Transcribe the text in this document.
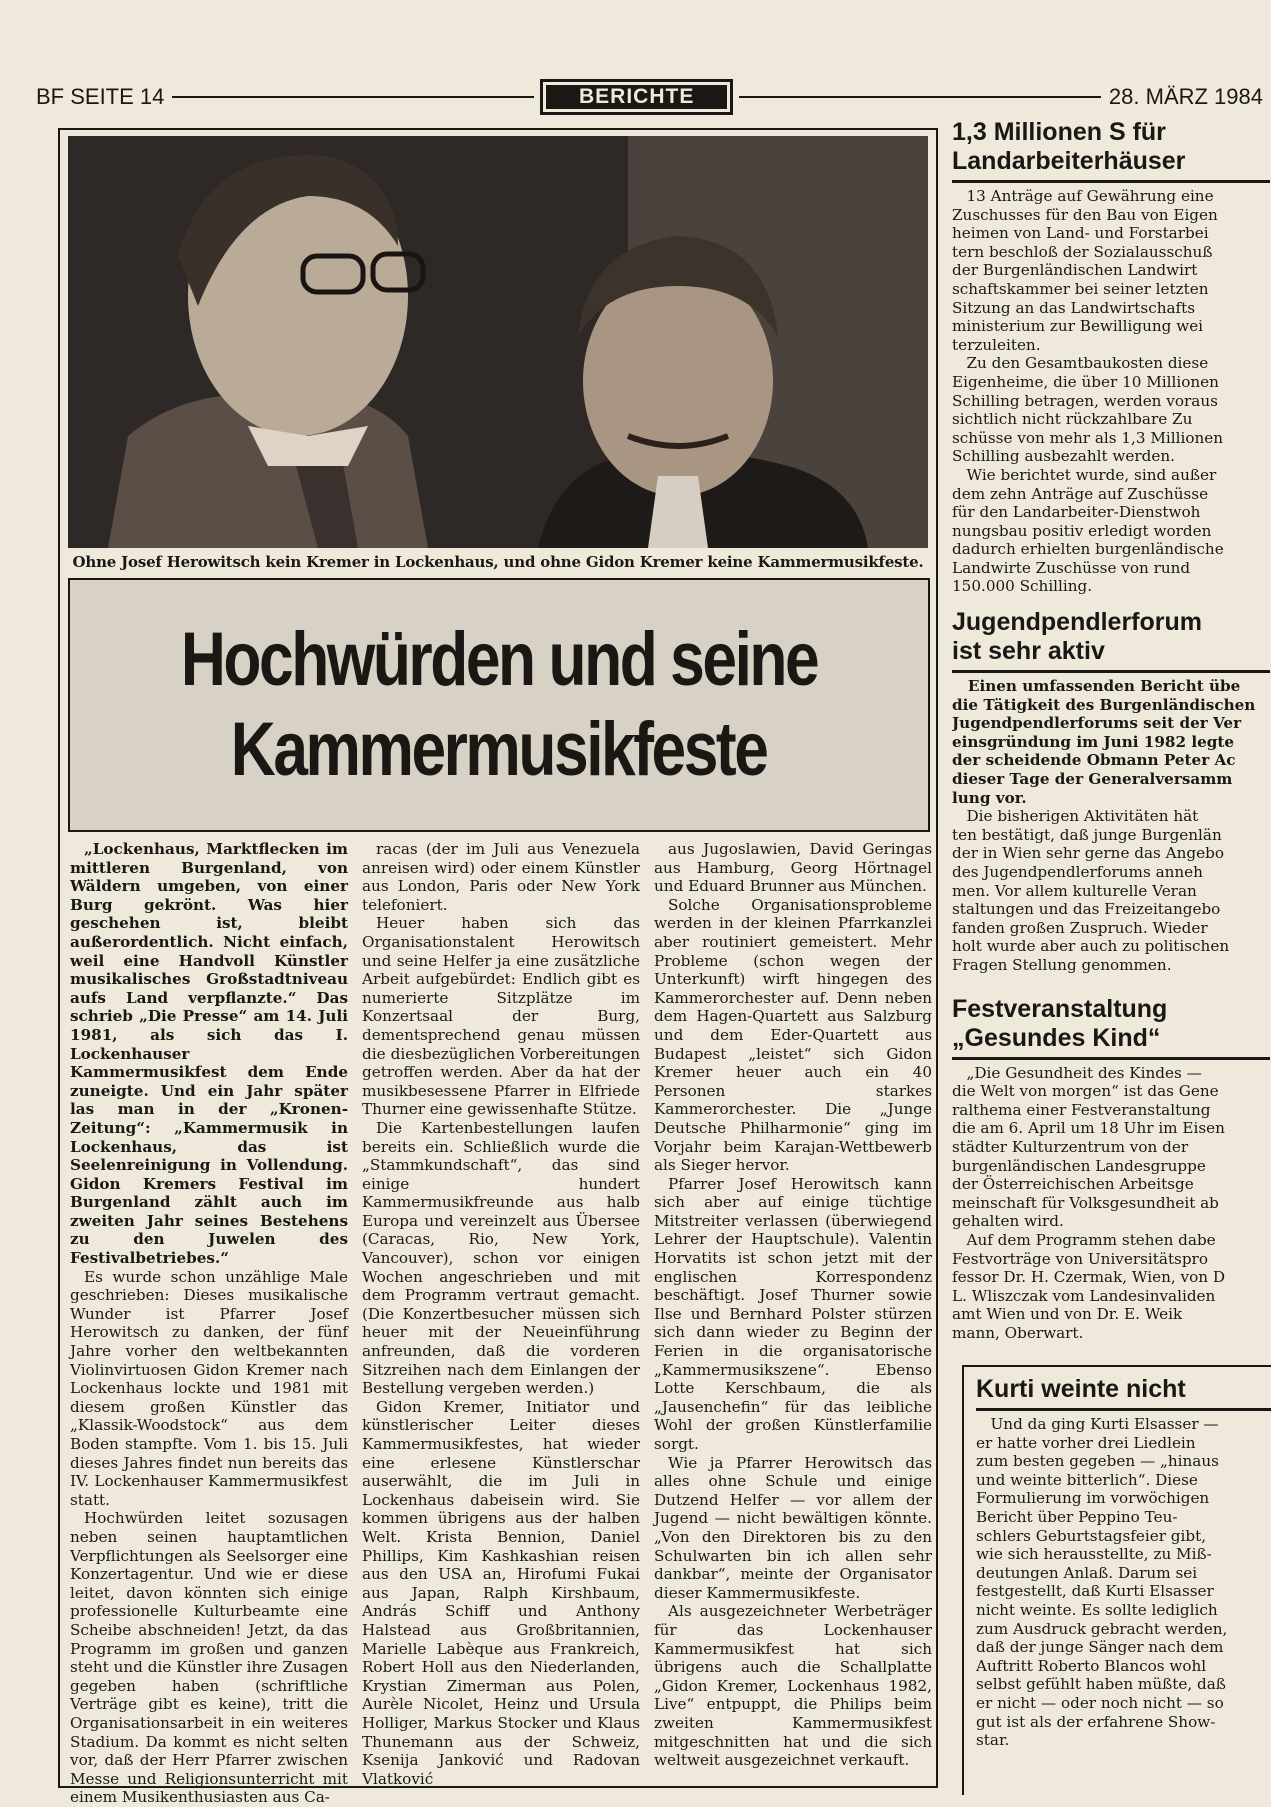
BF SEITE 14	BERICHTE	28. MÄRZ 1984
Ohne Josef Herowitsch kein Kremer in Lockenhaus, und ohne Gidon Kremer keine Kammermusikfeste.
Hochwürden und seine
Kammermusikfeste

„Lockenhaus, Marktflecken im mittleren Burgenland, von Wäldern umgeben, von einer Burg gekrönt. Was hier geschehen ist, bleibt außerordentlich. Nicht einfach, weil eine Handvoll Künstler musikalisches Großstadtniveau aufs Land verpflanzte.“ Das schrieb „Die Presse“ am 14. Juli 1981, als sich das I. Lockenhauser Kammermusikfest dem Ende zuneigte. Und ein Jahr später las man in der „Kronen-Zeitung“: „Kammermusik in Lockenhaus, das ist Seelenreinigung in Vollendung. Gidon Kremers Festival im Burgenland zählt auch im zweiten Jahr seines Bestehens zu den Juwelen des Festivalbetriebes.“

Es wurde schon unzählige Male geschrieben: Dieses musikalische Wunder ist Pfarrer Josef Herowitsch zu danken, der fünf Jahre vorher den weltbekannten Violinvirtuosen Gidon Kremer nach Lockenhaus lockte und 1981 mit diesem großen Künstler das „Klassik-Woodstock“ aus dem Boden stampfte. Vom 1. bis 15. Juli dieses Jahres findet nun bereits das IV. Lockenhauser Kammermusikfest statt.

Hochwürden leitet sozusagen neben seinen hauptamtlichen Verpflichtungen als Seelsorger eine Konzertagentur. Und wie er diese leitet, davon könnten sich einige professionelle Kulturbeamte eine Scheibe abschneiden! Jetzt, da das Programm im großen und ganzen steht und die Künstler ihre Zusagen gegeben haben (schriftliche Verträge gibt es keine), tritt die Organisationsarbeit in ein weiteres Stadium. Da kommt es nicht selten vor, daß der Herr Pfarrer zwischen Messe und Religionsunterricht mit einem Musikenthusiasten aus Ca-

racas (der im Juli aus Venezuela anreisen wird) oder einem Künstler aus London, Paris oder New York telefoniert.

Heuer haben sich das Organisationstalent Herowitsch und seine Helfer ja eine zusätzliche Arbeit aufgebürdet: Endlich gibt es numerierte Sitzplätze im Konzertsaal der Burg, dementsprechend genau müssen die diesbezüglichen Vorbereitungen getroffen werden. Aber da hat der musikbesessene Pfarrer in Elfriede Thurner eine gewissenhafte Stütze.

Die Kartenbestellungen laufen bereits ein. Schließlich wurde die „Stammkundschaft“, das sind einige hundert Kammermusikfreunde aus halb Europa und vereinzelt aus Übersee (Caracas, Rio, New York, Vancouver), schon vor einigen Wochen angeschrieben und mit dem Programm vertraut gemacht. (Die Konzertbesucher müssen sich heuer mit der Neueinführung anfreunden, daß die vorderen Sitzreihen nach dem Einlangen der Bestellung vergeben werden.)

Gidon Kremer, Initiator und künstlerischer Leiter dieses Kammermusikfestes, hat wieder eine erlesene Künstlerschar auserwählt, die im Juli in Lockenhaus dabeisein wird. Sie kommen übrigens aus der halben Welt. Krista Bennion, Daniel Phillips, Kim Kashkashian reisen aus den USA an, Hirofumi Fukai aus Japan, Ralph Kirshbaum, András Schiff und Anthony Halstead aus Großbritannien, Marielle Labèque aus Frankreich, Robert Holl aus den Niederlanden, Krystian Zimerman aus Polen, Aurèle Nicolet, Heinz und Ursula Holliger, Markus Stocker und Klaus Thunemann aus der Schweiz, Ksenija Janković und Radovan Vlatković

aus Jugoslawien, David Geringas aus Hamburg, Georg Hörtnagel und Eduard Brunner aus München.

Solche Organisationsprobleme werden in der kleinen Pfarrkanzlei aber routiniert gemeistert. Mehr Probleme (schon wegen der Unterkunft) wirft hingegen des Kammerorchester auf. Denn neben dem Hagen-Quartett aus Salzburg und dem Eder-Quartett aus Budapest „leistet“ sich Gidon Kremer heuer auch ein 40 Personen starkes Kammerorchester. Die „Junge Deutsche Philharmonie“ ging im Vorjahr beim Karajan-Wettbewerb als Sieger hervor.

Pfarrer Josef Herowitsch kann sich aber auf einige tüchtige Mitstreiter verlassen (überwiegend Lehrer der Hauptschule). Valentin Horvatits ist schon jetzt mit der englischen Korrespondenz beschäftigt. Josef Thurner sowie Ilse und Bernhard Polster stürzen sich dann wieder zu Beginn der Ferien in die organisatorische „Kammermusikszene“. Ebenso Lotte Kerschbaum, die als „Jausenchefin“ für das leibliche Wohl der großen Künstlerfamilie sorgt.

Wie ja Pfarrer Herowitsch das alles ohne Schule und einige Dutzend Helfer — vor allem der Jugend — nicht bewältigen könnte. „Von den Direktoren bis zu den Schulwarten bin ich allen sehr dankbar“, meinte der Organisator dieser Kammermusikfeste.

Als ausgezeichneter Werbeträger für das Lockenhauser Kammermusikfest hat sich übrigens auch die Schallplatte „Gidon Kremer, Lockenhaus 1982, Live“ entpuppt, die Philips beim zweiten Kammermusikfest mitgeschnitten hat und die sich weltweit ausgezeichnet verkauft.

1,3 Millionen S für
Landarbeiterhäuser
13 Anträge auf Gewährung eine
Zuschusses für den Bau von Eigen
heimen von Land- und Forstarbei
tern beschloß der Sozialausschuß
der Burgenländischen Landwirt
schaftskammer bei seiner letzten
Sitzung an das Landwirtschafts
ministerium zur Bewilligung wei
terzuleiten.
Zu den Gesamtbaukosten diese
Eigenheime, die über 10 Millionen
Schilling betragen, werden voraus
sichtlich nicht rückzahlbare Zu
schüsse von mehr als 1,3 Millionen
Schilling ausbezahlt werden.
Wie berichtet wurde, sind außer
dem zehn Anträge auf Zuschüsse
für den Landarbeiter-Dienstwoh
nungsbau positiv erledigt worden
dadurch erhielten burgenländische
Landwirte Zuschüsse von rund
150.000 Schilling.
Jugendpendlerforum
ist sehr aktiv
Einen umfassenden Bericht übe
die Tätigkeit des Burgenländischen
Jugendpendlerforums seit der Ver
einsgründung im Juni 1982 legte
der scheidende Obmann Peter Ac
dieser Tage der Generalversamm
lung vor.
Die bisherigen Aktivitäten hät
ten bestätigt, daß junge Burgenlän
der in Wien sehr gerne das Angebo
des Jugendpendlerforums anneh
men. Vor allem kulturelle Veran
staltungen und das Freizeitangebo
fanden großen Zuspruch. Wieder
holt wurde aber auch zu politischen
Fragen Stellung genommen.
Festveranstaltung
„Gesundes Kind“
„Die Gesundheit des Kindes —
die Welt von morgen“ ist das Gene
ralthema einer Festveranstaltung
die am 6. April um 18 Uhr im Eisen
städter Kulturzentrum von der
burgenländischen Landesgruppe
der Österreichischen Arbeitsge
meinschaft für Volksgesundheit ab
gehalten wird.
Auf dem Programm stehen dabe
Festvorträge von Universitätspro
fessor Dr. H. Czermak, Wien, von D
L. Wliszczak vom Landesinvaliden
amt Wien und von Dr. E. Weik
mann, Oberwart.
Kurti weinte nicht
Und da ging Kurti Elsasser —
er hatte vorher drei Liedlein
zum besten gegeben — „hinaus
und weinte bitterlich“. Diese
Formulierung im vorwöchigen
Bericht über Peppino Teu-
schlers Geburtstagsfeier gibt,
wie sich herausstellte, zu Miß-
deutungen Anlaß. Darum sei
festgestellt, daß Kurti Elsasser
nicht weinte. Es sollte lediglich
zum Ausdruck gebracht werden,
daß der junge Sänger nach dem
Auftritt Roberto Blancos wohl
selbst gefühlt haben müßte, daß
er nicht — oder noch nicht — so
gut ist als der erfahrene Show-
star.
